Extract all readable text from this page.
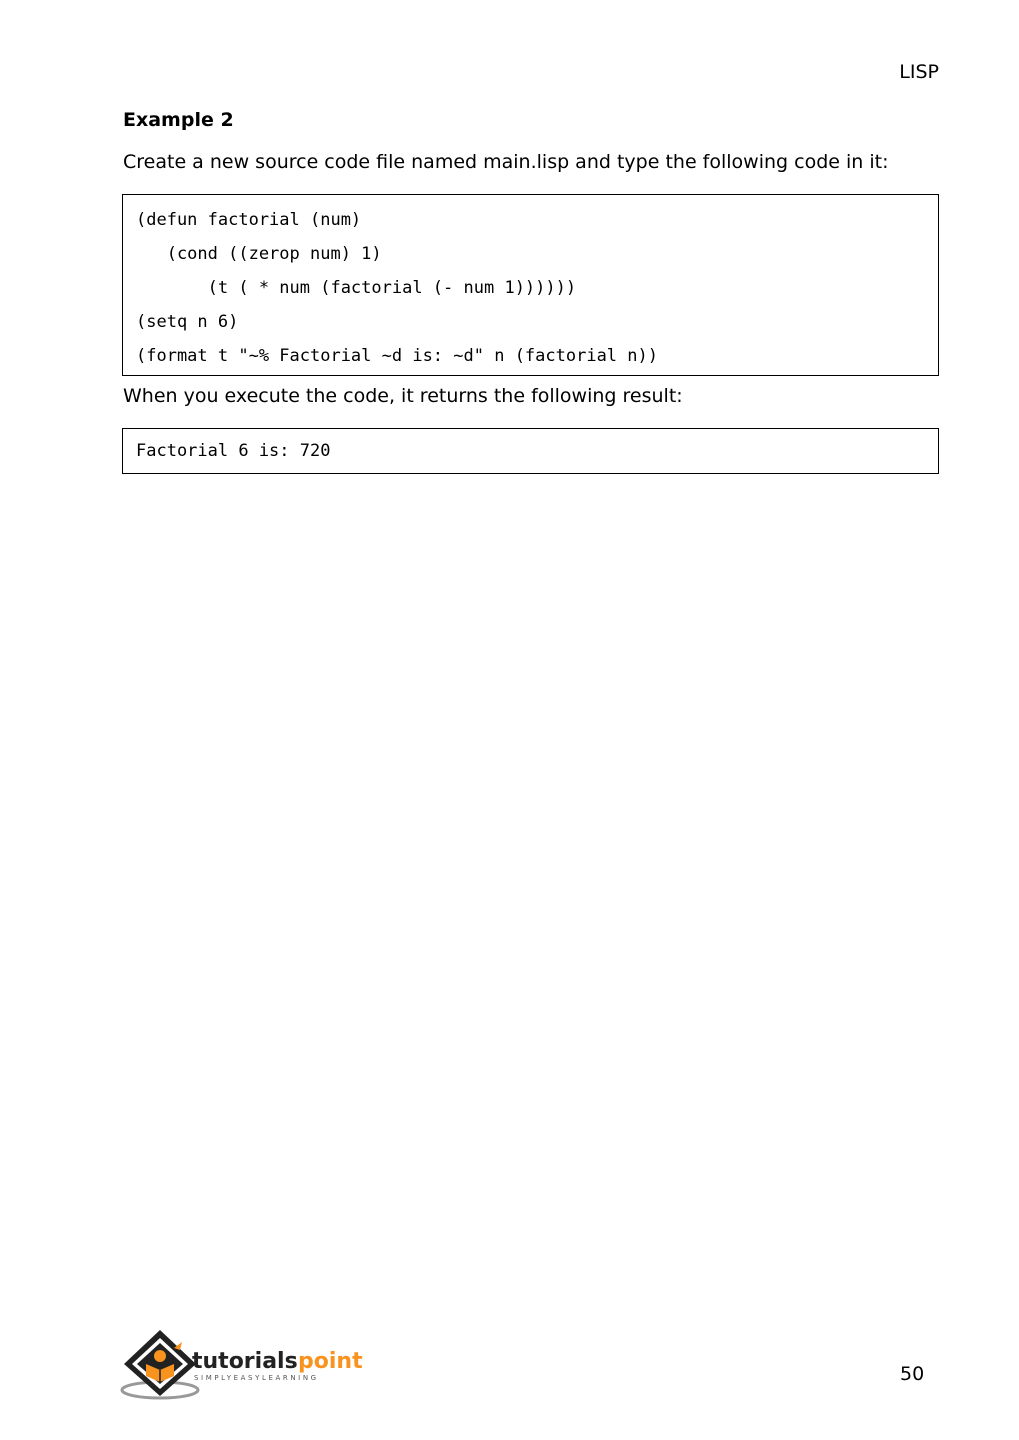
LISP
Example 2
Create a new source code file named main.lisp and type the following code in it:
(defun factorial (num)
(cond ((zerop num) 1)
(t ( * num (factorial (- num 1))))))
(setq n 6)
(format t "~% Factorial ~d is: ~d" n (factorial n))
When you execute the code, it returns the following result:
Factorial 6 is: 720
tutorials point
SIMPLYEASYLEARNING	50
